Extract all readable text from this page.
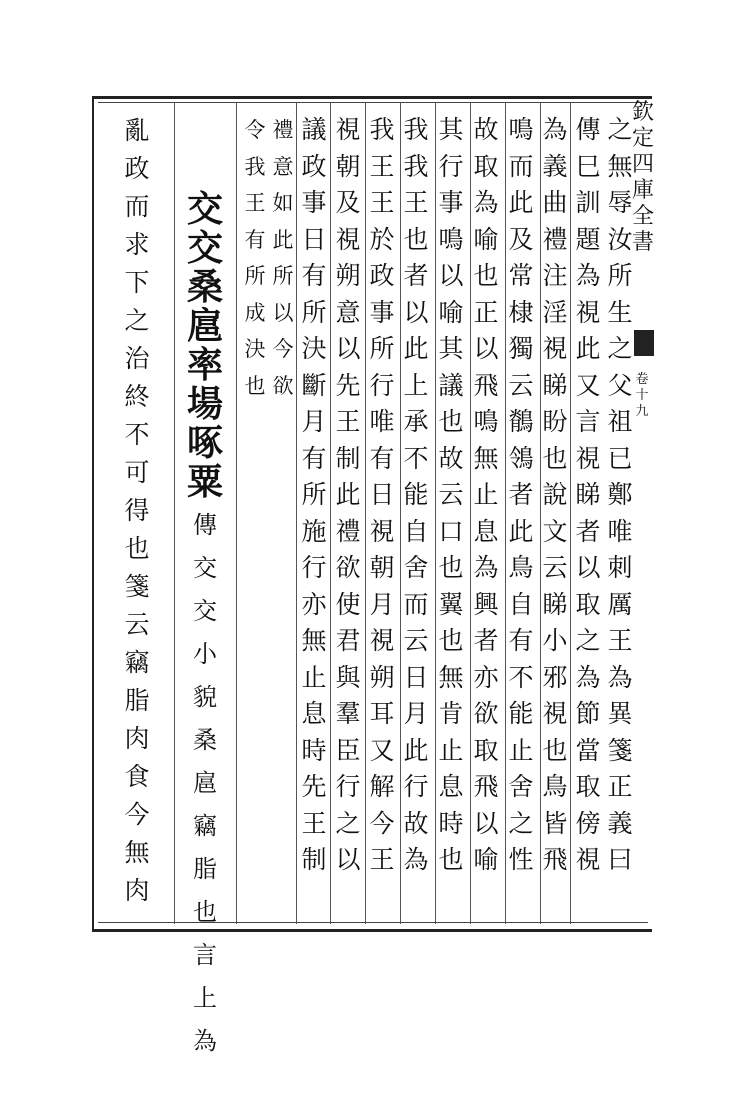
欽定四庫全書
卷十九
之無辱汝所生之父祖已鄭唯刺厲王為異箋正義曰
傳巳訓題為視此又言視睇者以取之為節當取傍視
為義曲禮注淫視睇盼也說文云睇小邪視也鳥皆飛
鳴而此及常棣獨云鶺鴒者此鳥自有不能止舍之性
故取為喻也正以飛鳴無止息為興者亦欲取飛以喻
其行事鳴以喻其議也故云口也翼也無肯止息時也
我我王也者以此上承不能自舍而云日月此行故為
我王王於政事所行唯有日視朝月視朔耳又解今王
視朝及視朔意以先王制此禮欲使君與羣臣行之以
議政事日有所決斷月有所施行亦無止息時先王制
禮意如此所以今欲
令我王有所成決也

交交桑扈率場啄粟傳交交小貌桑扈竊脂也言上為

亂政而求下之治終不可得也箋云竊脂肉食今無肉
